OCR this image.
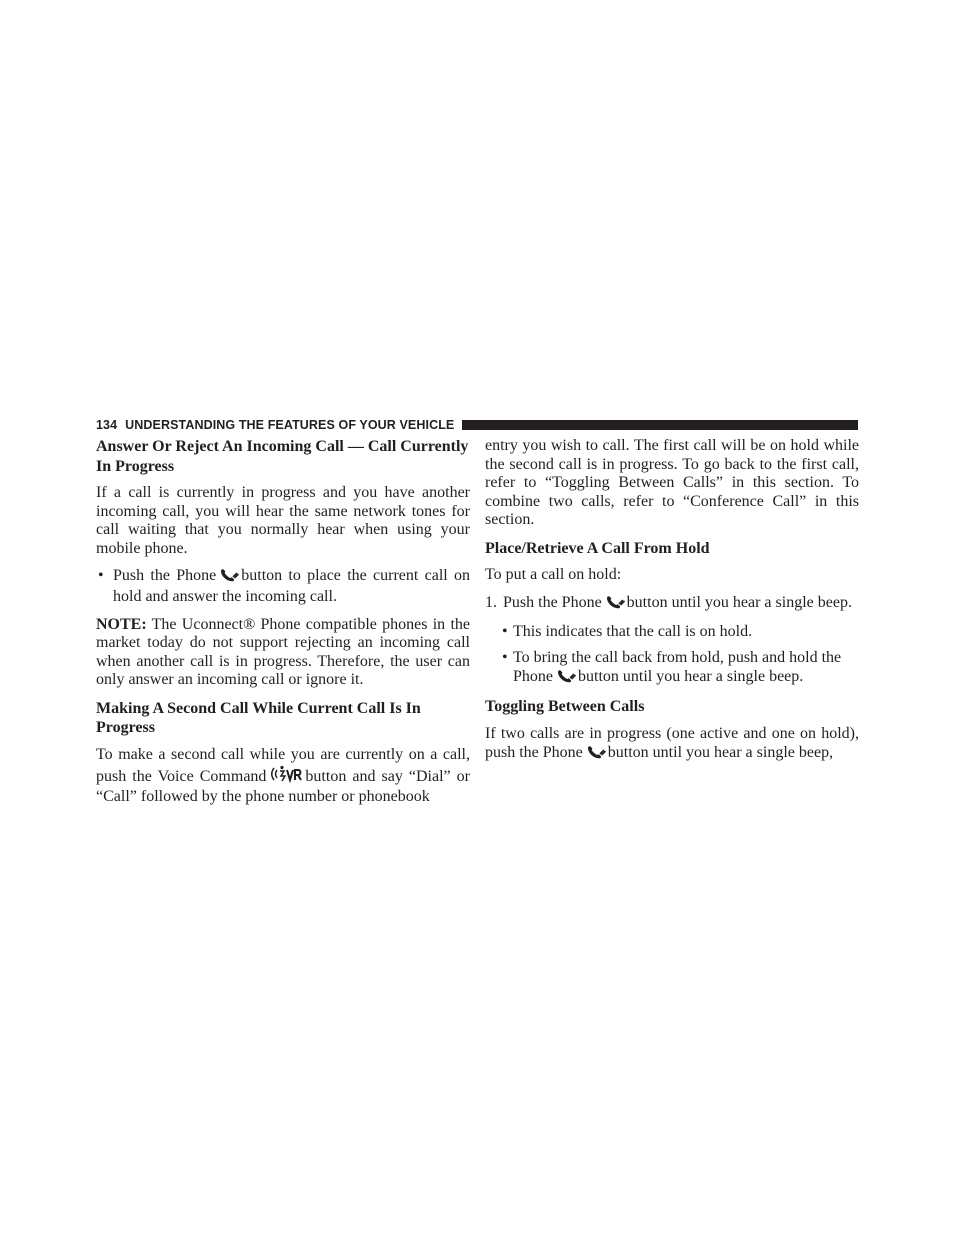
134 UNDERSTANDING THE FEATURES OF YOUR VEHICLE

Answer Or Reject An Incoming Call — Call Currently In Progress

If a call is currently in progress and you have another incoming call, you will hear the same network tones for call waiting that you normally hear when using your mobile phone.

• Push the Phone button to place the current call on hold and answer the incoming call.

NOTE: The Uconnect® Phone compatible phones in the market today do not support rejecting an incoming call when another call is in progress. Therefore, the user can only answer an incoming call or ignore it.

Making A Second Call While Current Call Is In Progress

To make a second call while you are currently on a call, push the Voice Command button and say “Dial” or “Call” followed by the phone number or phonebook

entry you wish to call. The first call will be on hold while the second call is in progress. To go back to the first call, refer to “Toggling Between Calls” in this section. To combine two calls, refer to “Conference Call” in this section.

Place/Retrieve A Call From Hold

To put a call on hold:

1. Push the Phone button until you hear a single beep.

• This indicates that the call is on hold.

• To bring the call back from hold, push and hold the Phone button until you hear a single beep.

Toggling Between Calls

If two calls are in progress (one active and one on hold), push the Phone button until you hear a single beep,
